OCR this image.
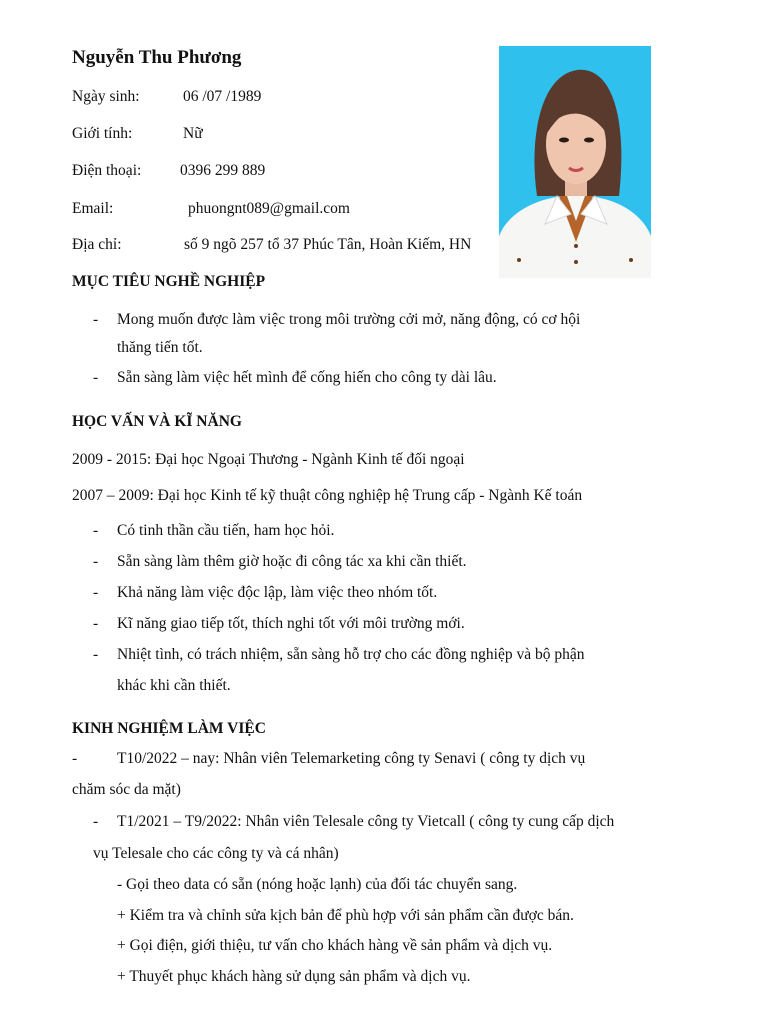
Nguyễn Thu Phương
Ngày sinh:	06 /07 /1989
Giới tính:	Nữ
Điện thoại: 0396 299 889
Email:	phuongnt089@gmail.com
Địa chỉ:	số 9 ngõ 257 tổ 37 Phúc Tân, Hoàn Kiếm, HN
MỤC TIÊU NGHỀ NGHIỆP
- Mong muốn được làm việc trong môi trường cởi mở, năng động, có cơ hội
thăng tiến tốt.
- Sẵn sàng làm việc hết mình để cống hiến cho công ty dài lâu.
HỌC VẤN VÀ KĨ NĂNG
2009 - 2015: Đại học Ngoại Thương - Ngành Kinh tế đối ngoại
2007 – 2009: Đại học Kinh tế kỹ thuật công nghiệp hệ Trung cấp - Ngành Kế toán
- Có tinh thần cầu tiến, ham học hỏi.
- Sẵn sàng làm thêm giờ hoặc đi công tác xa khi cần thiết.
- Khả năng làm việc độc lập, làm việc theo nhóm tốt.
- Kĩ năng giao tiếp tốt, thích nghi tốt với môi trường mới.
- Nhiệt tình, có trách nhiệm, sẵn sàng hỗ trợ cho các đồng nghiệp và bộ phận
khác khi cần thiết.
KINH NGHIỆM LÀM VIỆC
-	T10/2022 – nay: Nhân viên Telemarketing công ty Senavi ( công ty dịch vụ
chăm sóc da mặt)
- T1/2021 – T9/2022: Nhân viên Telesale công ty Vietcall ( công ty cung cấp dịch
vụ Telesale cho các công ty và cá nhân)
- Gọi theo data có sẵn (nóng hoặc lạnh) của đối tác chuyển sang.
+ Kiểm tra và chỉnh sửa kịch bản để phù hợp với sản phẩm cần được bán.
+ Gọi điện, giới thiệu, tư vấn cho khách hàng về sản phẩm và dịch vụ.
+ Thuyết phục khách hàng sử dụng sản phẩm và dịch vụ.
